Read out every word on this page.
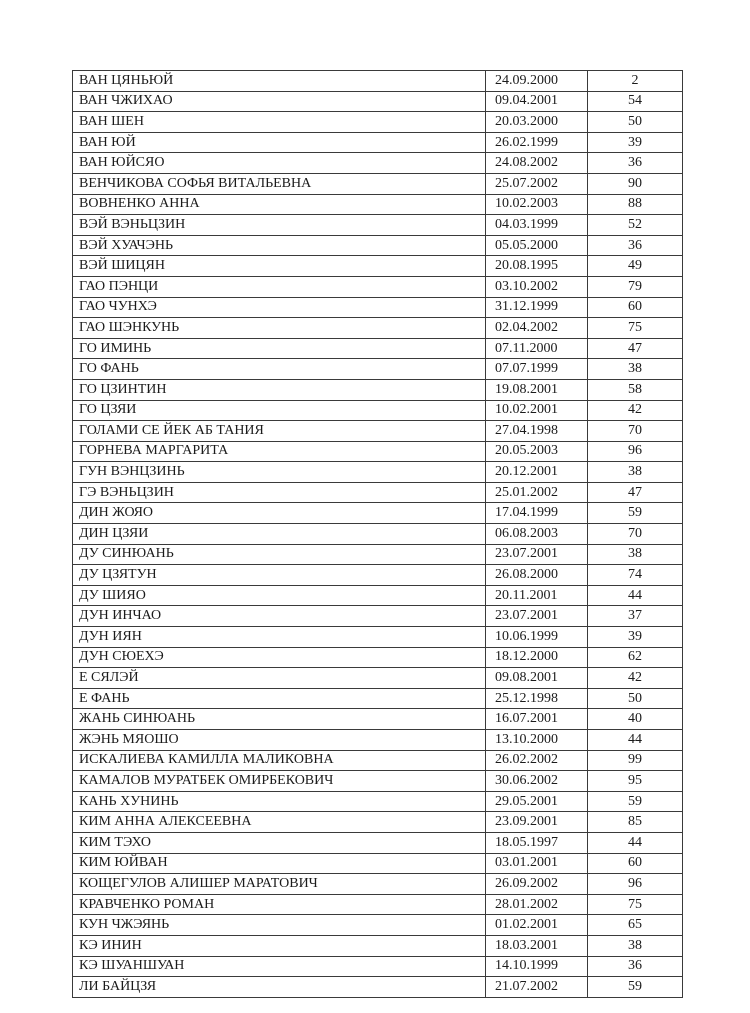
ВАН ЦЯНЬЮЙ	24.09.2000	2
ВАН ЧЖИХАО	09.04.2001	54
ВАН ШЕН	20.03.2000	50
ВАН ЮЙ	26.02.1999	39
ВАН ЮЙСЯО	24.08.2002	36
ВЕНЧИКОВА СОФЬЯ ВИТАЛЬЕВНА	25.07.2002	90
ВОВНЕНКО АННА	10.02.2003	88
ВЭЙ ВЭНЬЦЗИН	04.03.1999	52
ВЭЙ ХУАЧЭНЬ	05.05.2000	36
ВЭЙ ШИЦЯН	20.08.1995	49
ГАО ПЭНЦИ	03.10.2002	79
ГАО ЧУНХЭ	31.12.1999	60
ГАО ШЭНКУНЬ	02.04.2002	75
ГО ИМИНЬ	07.11.2000	47
ГО ФАНЬ	07.07.1999	38
ГО ЦЗИНТИН	19.08.2001	58
ГО ЦЗЯИ	10.02.2001	42
ГОЛАМИ СЕ ЙЕК АБ ТАНИЯ	27.04.1998	70
ГОРНЕВА МАРГАРИТА	20.05.2003	96
ГУН ВЭНЦЗИНЬ	20.12.2001	38
ГЭ ВЭНЬЦЗИН	25.01.2002	47
ДИН ЖОЯО	17.04.1999	59
ДИН ЦЗЯИ	06.08.2003	70
ДУ СИНЮАНЬ	23.07.2001	38
ДУ ЦЗЯТУН	26.08.2000	74
ДУ ШИЯО	20.11.2001	44
ДУН ИНЧАО	23.07.2001	37
ДУН ИЯН	10.06.1999	39
ДУН СЮЕХЭ	18.12.2000	62
Е СЯЛЭЙ	09.08.2001	42
Е ФАНЬ	25.12.1998	50
ЖАНЬ СИНЮАНЬ	16.07.2001	40
ЖЭНЬ МЯОШО	13.10.2000	44
ИСКАЛИЕВА КАМИЛЛА МАЛИКОВНА	26.02.2002	99
КАМАЛОВ МУРАТБЕК ОМИРБЕКОВИЧ	30.06.2002	95
КАНЬ ХУНИНЬ	29.05.2001	59
КИМ АННА АЛЕКСЕЕВНА	23.09.2001	85
КИМ ТЭХО	18.05.1997	44
КИМ ЮЙВАН	03.01.2001	60
КОЩЕГУЛОВ АЛИШЕР МАРАТОВИЧ	26.09.2002	96
КРАВЧЕНКО РОМАН	28.01.2002	75
КУН ЧЖЭЯНЬ	01.02.2001	65
КЭ ИНИН	18.03.2001	38
КЭ ШУАНШУАН	14.10.1999	36
ЛИ БАЙЦЗЯ	21.07.2002	59
